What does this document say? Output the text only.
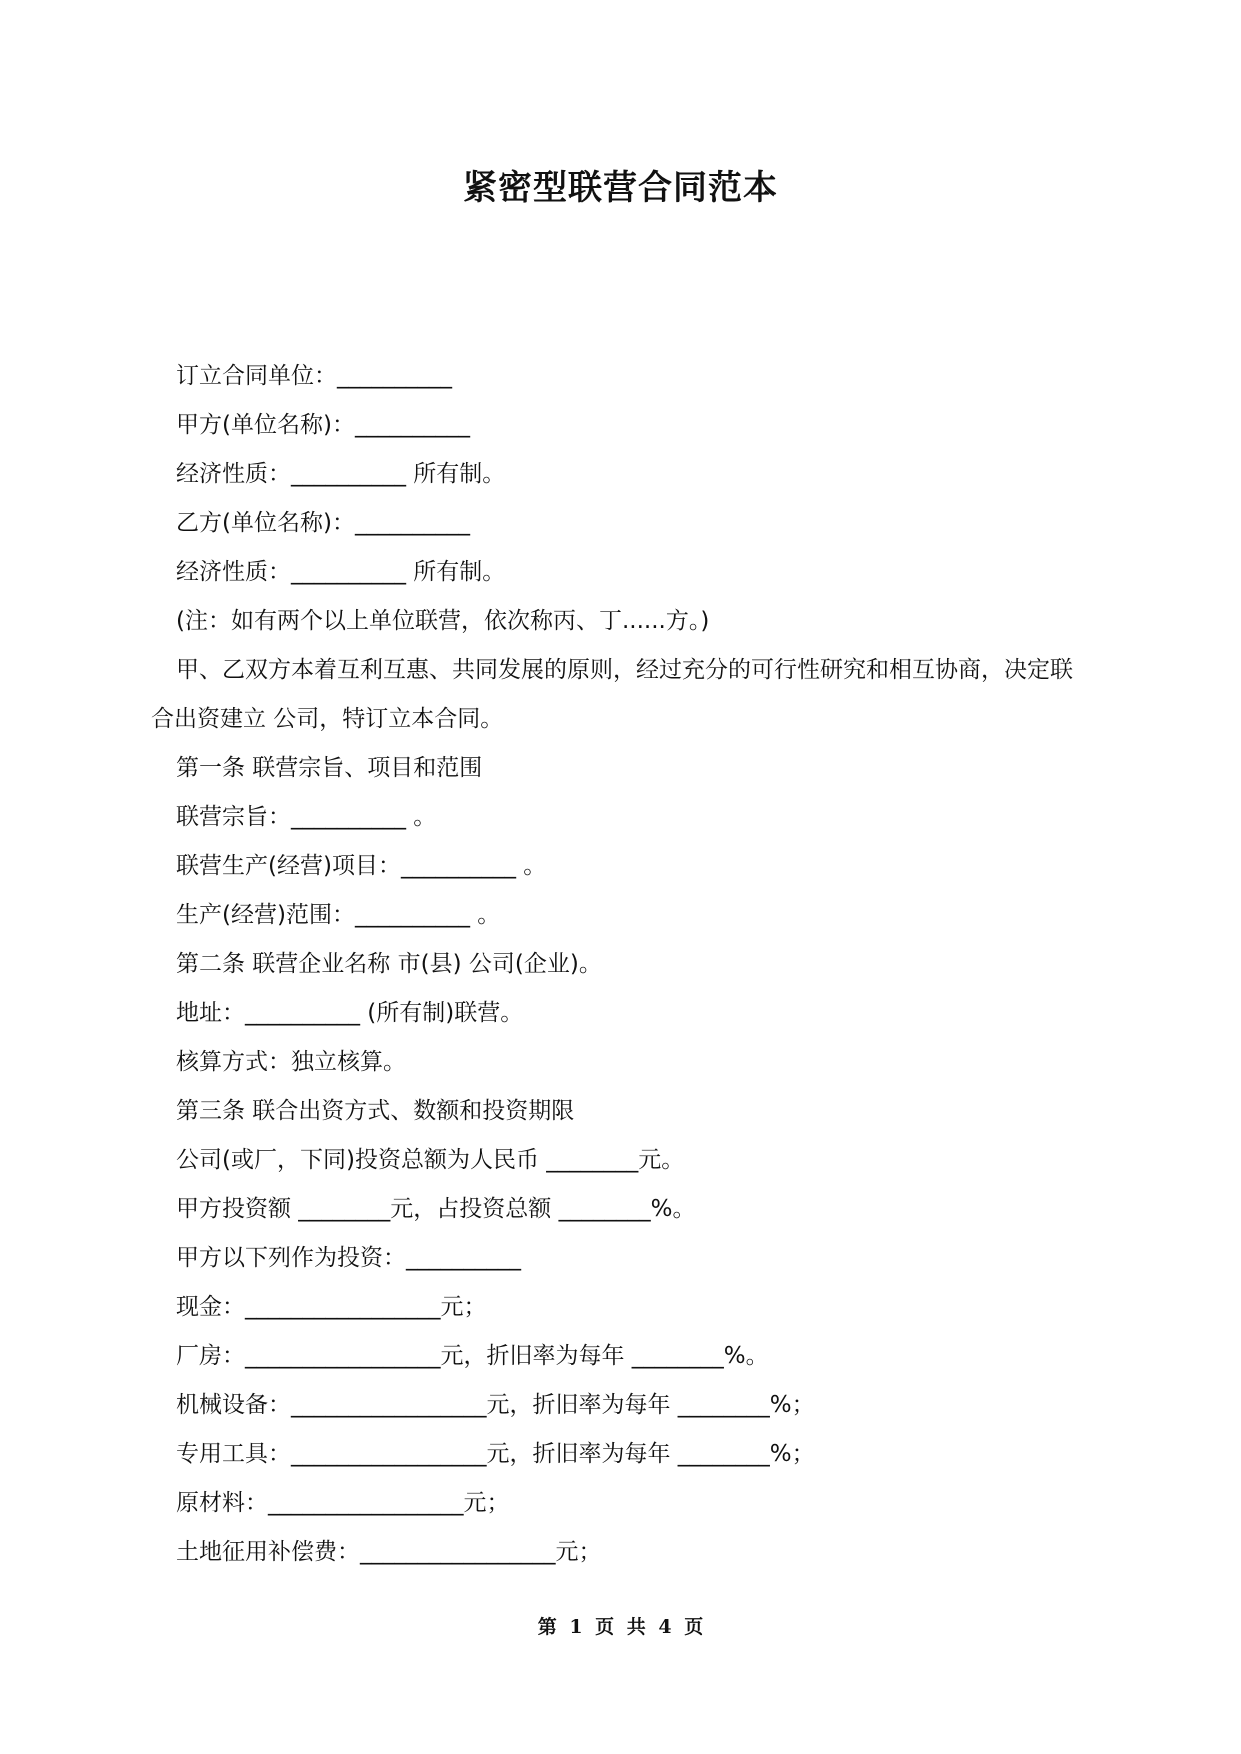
紧密型联营合同范本

订立合同单位：__________

甲方(单位名称)：__________

经济性质：__________ 所有制。

乙方(单位名称)：__________

经济性质：__________ 所有制。

(注：如有两个以上单位联营，依次称丙、丁......方。)

甲、乙双方本着互利互惠、共同发展的原则，经过充分的可行性研究和相互协商，决定联合出资建立 公司，特订立本合同。

第一条 联营宗旨、项目和范围

联营宗旨：__________ 。

联营生产(经营)项目：__________ 。

生产(经营)范围：__________ 。

第二条 联营企业名称 市(县) 公司(企业)。

地址：__________ (所有制)联营。

核算方式：独立核算。

第三条 联合出资方式、数额和投资期限

公司(或厂，下同)投资总额为人民币 ________元。

甲方投资额 ________元，占投资总额 ________%。

甲方以下列作为投资：__________

现金：_________________元；

厂房：_________________元，折旧率为每年 ________%。

机械设备：_________________元，折旧率为每年 ________%；

专用工具：_________________元，折旧率为每年 ________%；

原材料：_________________元；

土地征用补偿费：_________________元；

第 1 页 共 4 页
